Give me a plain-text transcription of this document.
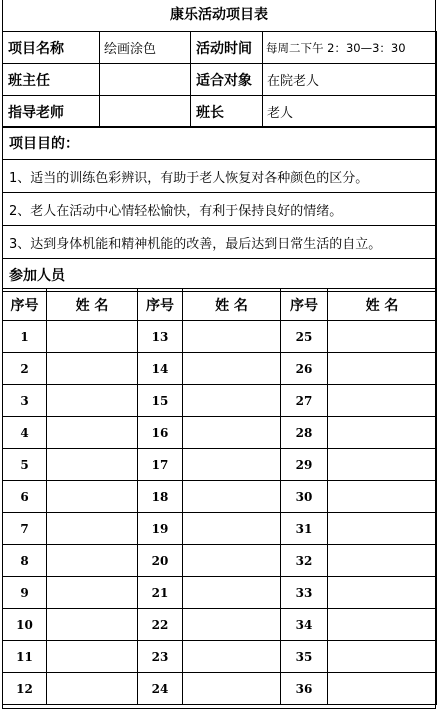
康乐活动项目表
项目名称	绘画涂色	活动时间	每周二下午 2：30—3：30
班主任		适合对象	在院老人
指导老师		班长	老人
项目目的：
1、适当的训练色彩辨识，有助于老人恢复对各种颜色的区分。
2、老人在活动中心情轻松愉快，有利于保持良好的情绪。
3、达到身体机能和精神机能的改善，最后达到日常生活的自立。
参加人员
序号	姓 名	序号	姓 名	序号	姓 名
1		13		25	
2		14		26	
3		15		27	
4		16		28	
5		17		29	
6		18		30	
7		19		31	
8		20		32	
9		21		33	
10		22		34	
11		23		35	
12		24		36	
